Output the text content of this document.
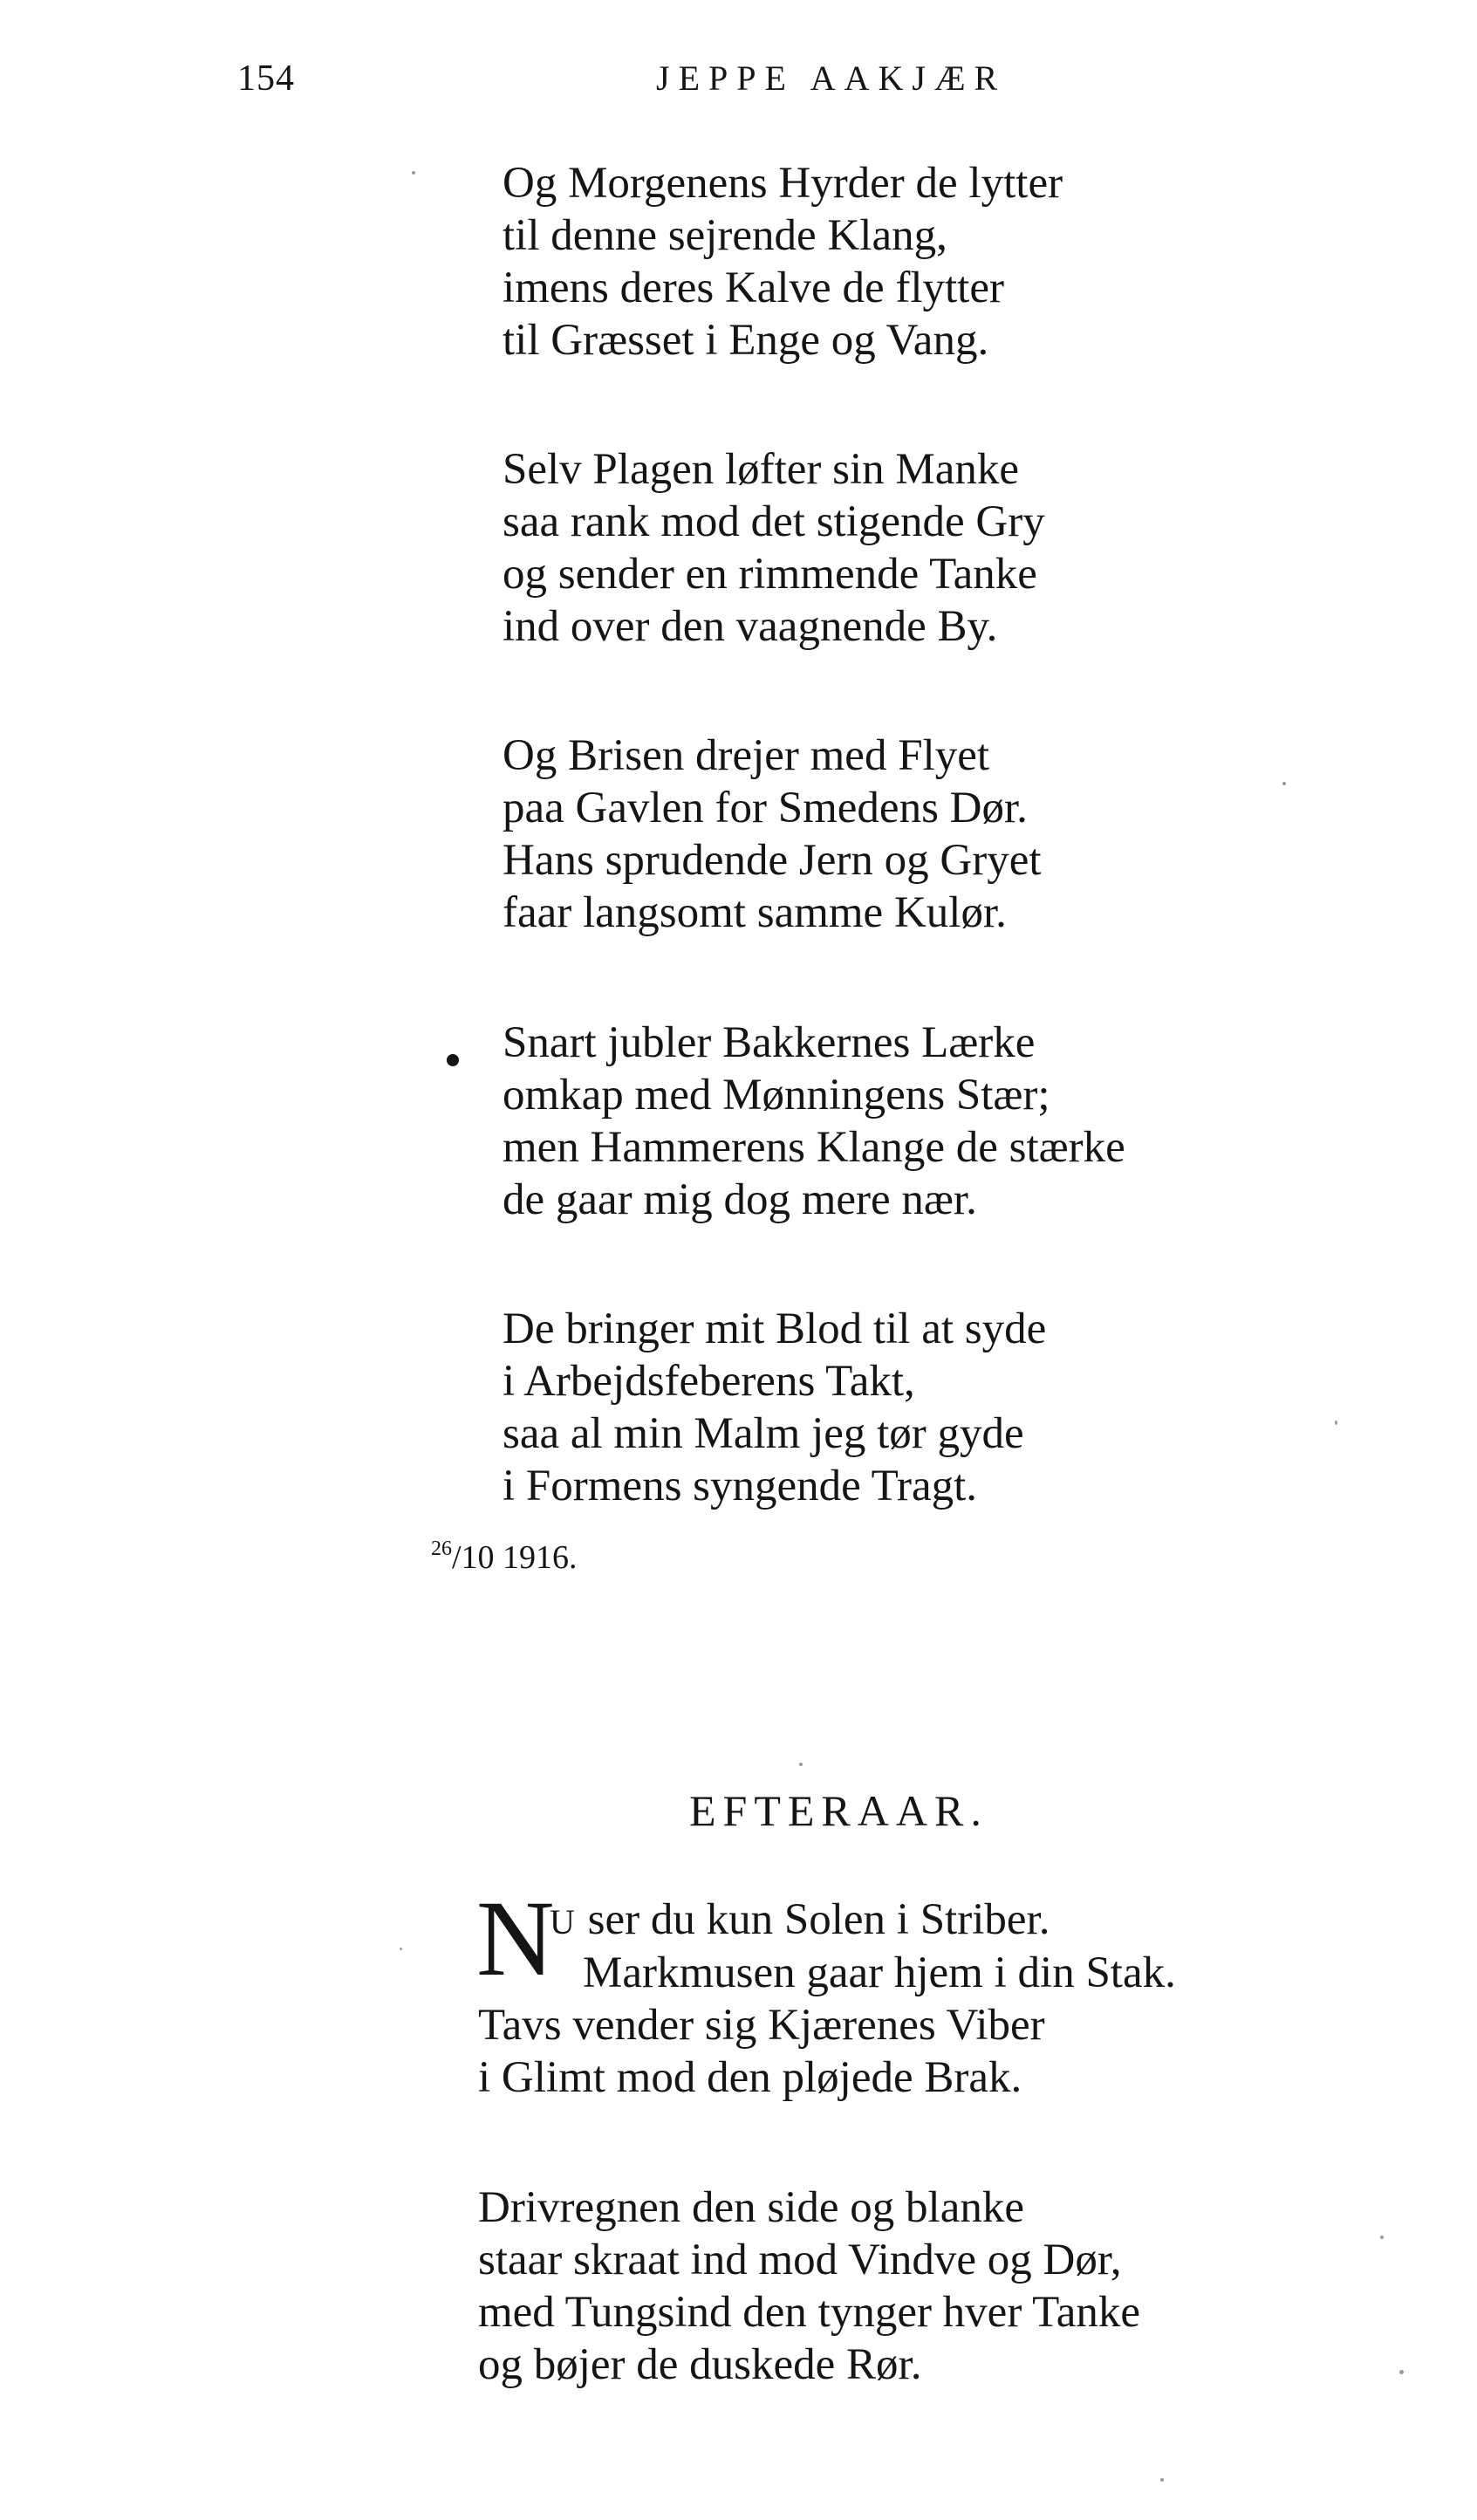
154	JEPPE AAKJÆR
Og Morgenens Hyrder de lytter
til denne sejrende Klang,
imens deres Kalve de flytter
til Græsset i Enge og Vang.
Selv Plagen løfter sin Manke
saa rank mod det stigende Gry
og sender en rimmende Tanke
ind over den vaagnende By.
Og Brisen drejer med Flyet
paa Gavlen for Smedens Dør.
Hans sprudende Jern og Gryet
faar langsomt samme Kulør.
Snart jubler Bakkernes Lærke
omkap med Mønningens Stær;
men Hammerens Klange de stærke
de gaar mig dog mere nær.
De bringer mit Blod til at syde
i Arbejdsfeberens Takt,
saa al min Malm jeg tør gyde
i Formens syngende Tragt.
$^{26}$/10 1916.
EFTERAAR.
N
U ser du kun Solen i Striber.
Markmusen gaar hjem i din Stak.
Tavs vender sig Kjærenes Viber
i Glimt mod den pløjede Brak.
Drivregnen den side og blanke
staar skraat ind mod Vindve og Dør,
med Tungsind den tynger hver Tanke
og bøjer de duskede Rør.
